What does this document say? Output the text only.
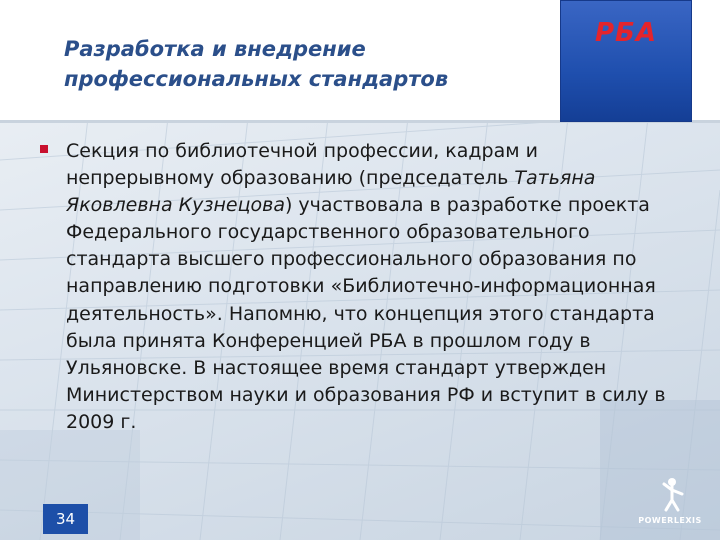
Разработка и внедрение
профессиональных стандартов
РБА

Секция по библиотечной профессии, кадрам и непрерывному образованию (председатель Татьяна Яковлевна Кузнецова) участвовала в разработке проекта Федерального государственного образовательного стандарта высшего профессионального образования по направлению подготовки «Библиотечно-информационная деятельность». Напомню, что концепция этого стандарта была принята Конференцией РБА в прошлом году в Ульяновске. В настоящее время стандарт утвержден Министерством науки и образования РФ и вступит в силу в 2009 г.

34	POWERLEXIS
